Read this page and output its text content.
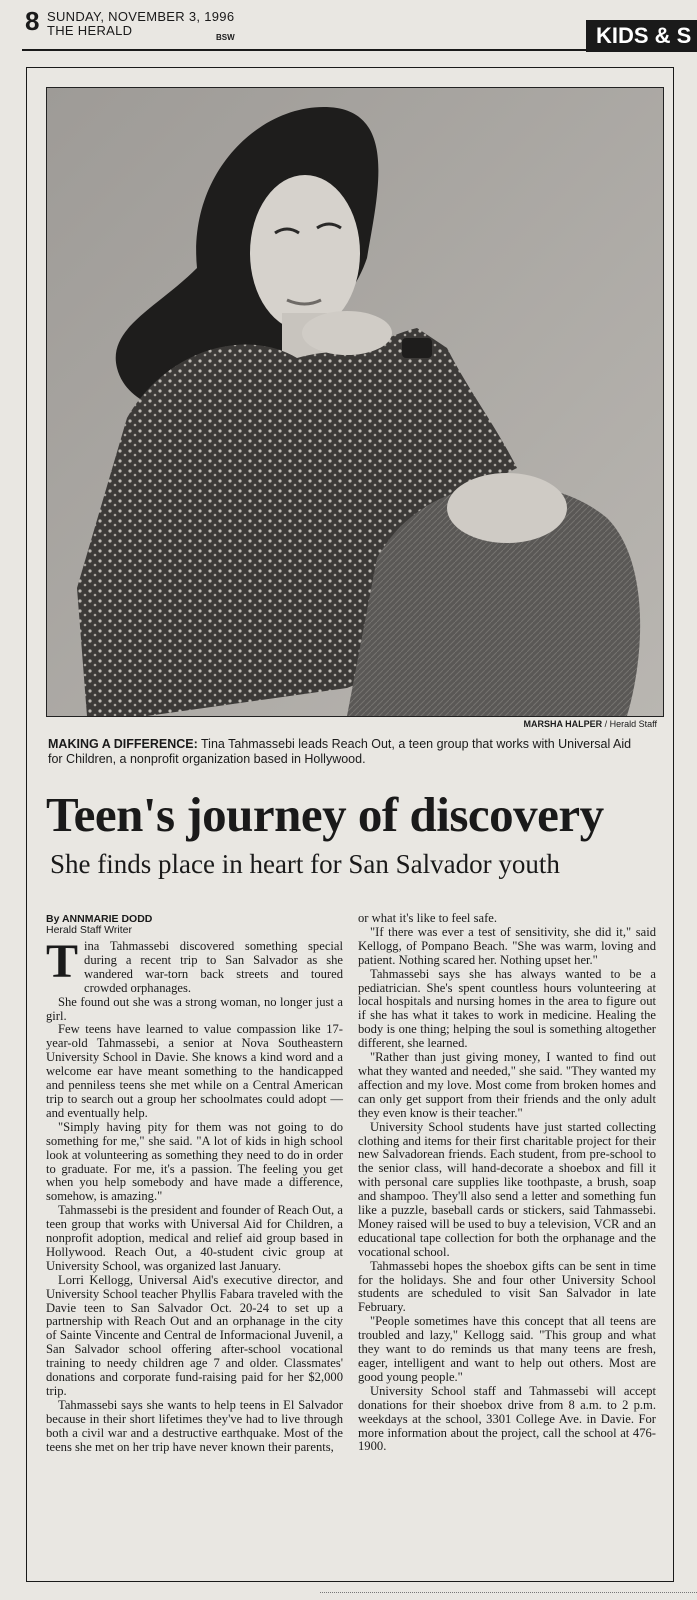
8 SUNDAY, NOVEMBER 3, 1996
THE HERALD	BSW	KIDS & S
MARSHA HALPER / Herald Staff
MAKING A DIFFERENCE: Tina Tahmassebi leads Reach Out, a teen group that works with Universal Aid for Children, a nonprofit organization based in Hollywood.
Teen's journey of discovery
She finds place in heart for San Salvador youth
By ANNMARIE DODD
Herald Staff Writer

Tina Tahmassebi discovered something special during a recent trip to San Salvador as she wandered war-torn back streets and toured crowded orphanages.

She found out she was a strong woman, no longer just a girl.

Few teens have learned to value compassion like 17-year-old Tahmassebi, a senior at Nova Southeastern University School in Davie. She knows a kind word and a welcome ear have meant something to the handicapped and penniless teens she met while on a Central American trip to search out a group her schoolmates could adopt — and eventually help.

"Simply having pity for them was not going to do something for me," she said. "A lot of kids in high school look at volunteering as something they need to do in order to graduate. For me, it's a passion. The feeling you get when you help somebody and have made a difference, somehow, is amazing."

Tahmassebi is the president and founder of Reach Out, a teen group that works with Universal Aid for Children, a nonprofit adoption, medical and relief aid group based in Hollywood. Reach Out, a 40-student civic group at University School, was organized last January.

Lorri Kellogg, Universal Aid's executive director, and University School teacher Phyllis Fabara traveled with the Davie teen to San Salvador Oct. 20-24 to set up a partnership with Reach Out and an orphanage in the city of Sainte Vincente and Central de Informacional Juvenil, a San Salvador school offering after-school vocational training to needy children age 7 and older. Classmates' donations and corporate fund-raising paid for her $2,000 trip.

Tahmassebi says she wants to help teens in El Salvador because in their short lifetimes they've had to live through both a civil war and a destructive earthquake. Most of the teens she met on her trip have never known their parents,

or what it's like to feel safe.

"If there was ever a test of sensitivity, she did it," said Kellogg, of Pompano Beach. "She was warm, loving and patient. Nothing scared her. Nothing upset her."

Tahmassebi says she has always wanted to be a pediatrician. She's spent countless hours volunteering at local hospitals and nursing homes in the area to figure out if she has what it takes to work in medicine. Healing the body is one thing; helping the soul is something altogether different, she learned.

"Rather than just giving money, I wanted to find out what they wanted and needed," she said. "They wanted my affection and my love. Most come from broken homes and can only get support from their friends and the only adult they even know is their teacher."

University School students have just started collecting clothing and items for their first charitable project for their new Salvadorean friends. Each student, from pre-school to the senior class, will hand-decorate a shoebox and fill it with personal care supplies like toothpaste, a brush, soap and shampoo. They'll also send a letter and something fun like a puzzle, baseball cards or stickers, said Tahmassebi. Money raised will be used to buy a television, VCR and an educational tape collection for both the orphanage and the vocational school.

Tahmassebi hopes the shoebox gifts can be sent in time for the holidays. She and four other University School students are scheduled to visit San Salvador in late February.

"People sometimes have this concept that all teens are troubled and lazy," Kellogg said. "This group and what they want to do reminds us that many teens are fresh, eager, intelligent and want to help out others. Most are good young people."

University School staff and Tahmassebi will accept donations for their shoebox drive from 8 a.m. to 2 p.m. weekdays at the school, 3301 College Ave. in Davie. For more information about the project, call the school at 476-1900.
